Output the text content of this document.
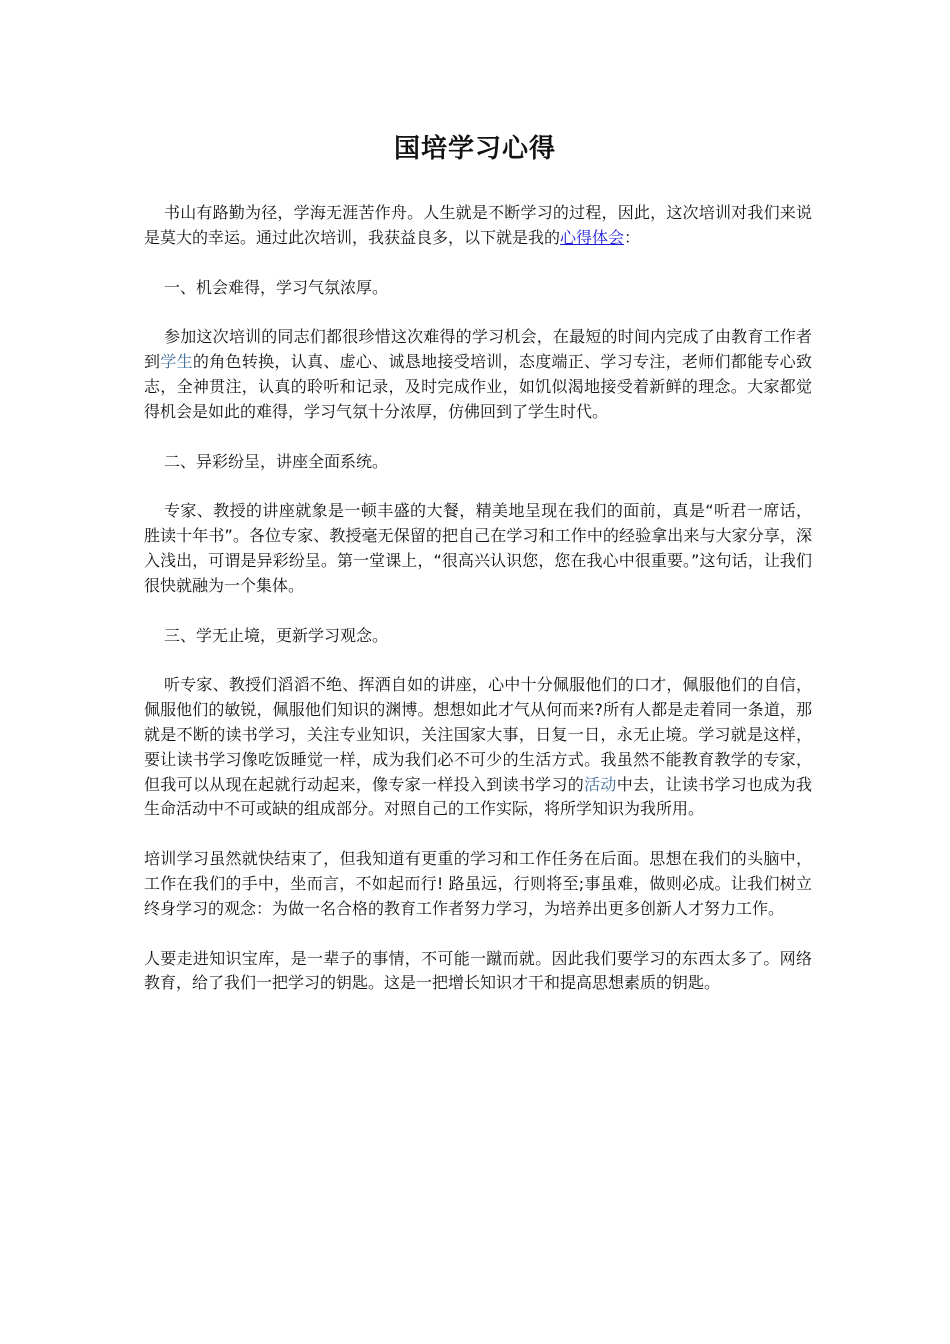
国培学习心得

书山有路勤为径，学海无涯苦作舟。人生就是不断学习的过程，因此，这次培训对我们来说是莫大的幸运。通过此次培训，我获益良多，以下就是我的心得体会：

一、机会难得，学习气氛浓厚。

参加这次培训的同志们都很珍惜这次难得的学习机会，在最短的时间内完成了由教育工作者到学生的角色转换，认真、虚心、诚恳地接受培训，态度端正、学习专注，老师们都能专心致志，全神贯注，认真的聆听和记录，及时完成作业，如饥似渴地接受着新鲜的理念。大家都觉得机会是如此的难得，学习气氛十分浓厚，仿佛回到了学生时代。

二、异彩纷呈，讲座全面系统。

专家、教授的讲座就象是一顿丰盛的大餐，精美地呈现在我们的面前，真是“听君一席话，胜读十年书”。各位专家、教授毫无保留的把自己在学习和工作中的经验拿出来与大家分享，深入浅出，可谓是异彩纷呈。第一堂课上，“很高兴认识您，您在我心中很重要。”这句话，让我们很快就融为一个集体。

三、学无止境，更新学习观念。

听专家、教授们滔滔不绝、挥洒自如的讲座，心中十分佩服他们的口才，佩服他们的自信，佩服他们的敏锐，佩服他们知识的渊博。想想如此才气从何而来?所有人都是走着同一条道，那就是不断的读书学习，关注专业知识，关注国家大事，日复一日，永无止境。学习就是这样，要让读书学习像吃饭睡觉一样，成为我们必不可少的生活方式。我虽然不能教育教学的专家，但我可以从现在起就行动起来，像专家一样投入到读书学习的活动中去，让读书学习也成为我生命活动中不可或缺的组成部分。对照自己的工作实际，将所学知识为我所用。

培训学习虽然就快结束了，但我知道有更重的学习和工作任务在后面。思想在我们的头脑中，工作在我们的手中，坐而言，不如起而行! 路虽远，行则将至;事虽难，做则必成。让我们树立终身学习的观念：为做一名合格的教育工作者努力学习，为培养出更多创新人才努力工作。

人要走进知识宝库，是一辈子的事情，不可能一蹴而就。因此我们要学习的东西太多了。网络教育，给了我们一把学习的钥匙。这是一把增长知识才干和提高思想素质的钥匙。
